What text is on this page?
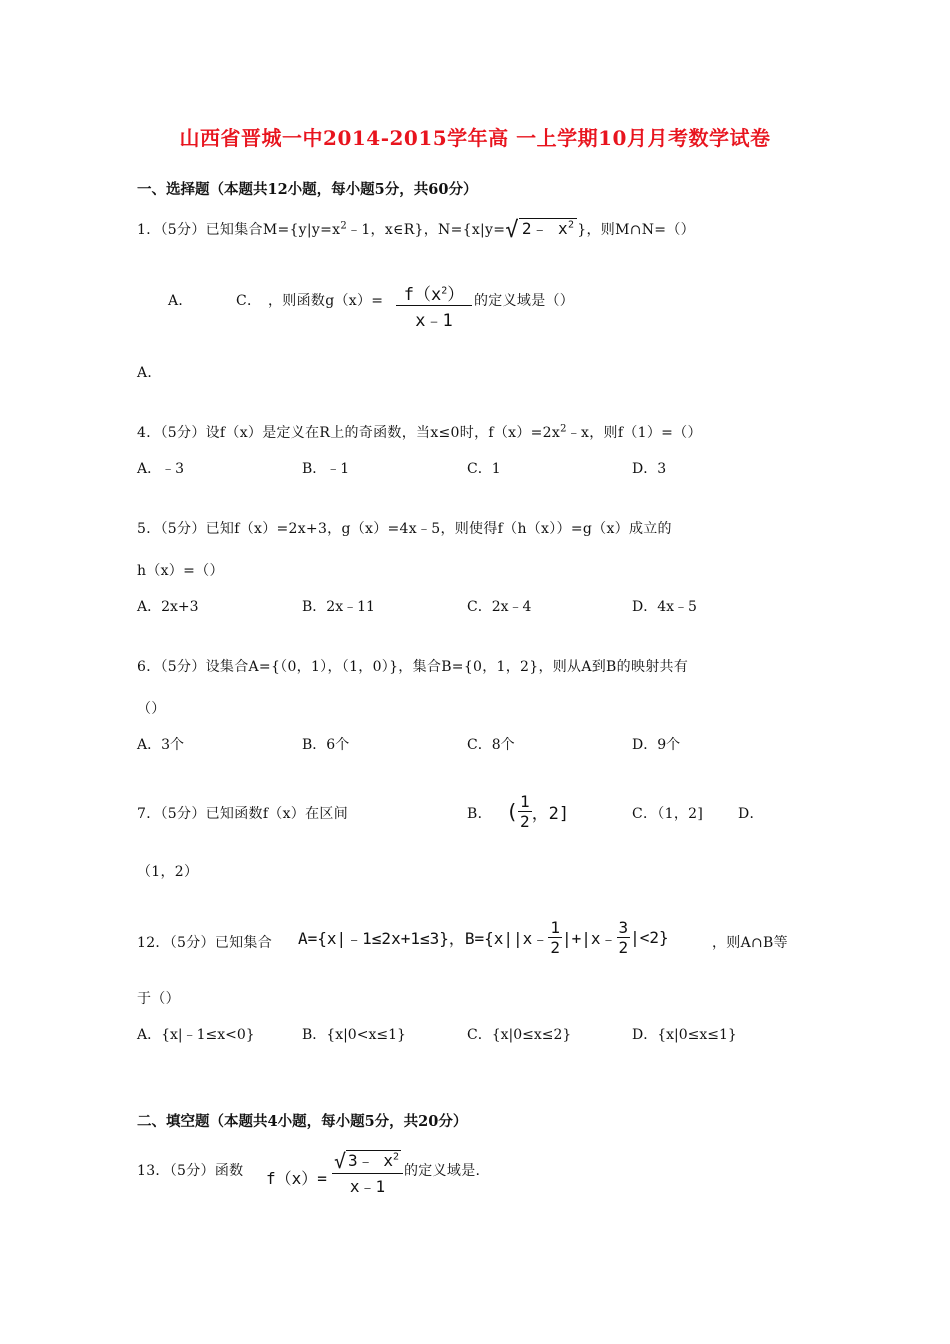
山西省晋城一中2014-2015学年高 一上学期10月月考数学试卷
一、选择题（本题共12小题，每小题5分，共60分）
1．（5分）已知集合$M=\{y|y=x^2﹣1$，x∈R}，N={x|y=√ 2﹣ $x^2$ }，则M∩N=（）
A．	C． ，则函数$g(x)= \frac{f(x^2)}{x﹣1}$ 的定义域是（）
A．
4．（5分）设f（x）是定义在R上的奇函数，当x≤0时，$f(x)=2x^2﹣x$，则f（1）=（）
A．﹣3	B．﹣1	C．1	D．3
5．（5分）已知f（x）=2x+3，g（x）=4x﹣5，则使得f（h（x））=g（x）成立的
h（x）=（）
A．2x+3	B．2x﹣11	C．2x﹣4	D．4x﹣5
6．（5分）设集合A={（0，1），（1，0）}，集合B={0，1，2}，则从A到B的映射共有
（）
A．3个	B．6个	C．8个	D．9个
7．（5分）已知函数f（x）在区间	B． ( $\frac{1}{2}$ ，2]	C．（1，2] D．
（1，2）
12．（5分）已知集合 A={x|﹣1≤2x+1≤3}，B={x||x﹣ $\frac{1}{2}$ |+|x﹣ $\frac{3}{2} |<2$}	，则A∩B等
于（）
A．{x|﹣1≤x<0}	B．{x|0<x≤1}	C．{x|0≤x≤2}	D．{x|0≤x≤1}
二、填空题（本题共4小题，每小题5分，共20分）
13．（5分）函数 $f(x)= \frac{√ 3﹣ x^2}{x﹣1}$ 的定义域是.
